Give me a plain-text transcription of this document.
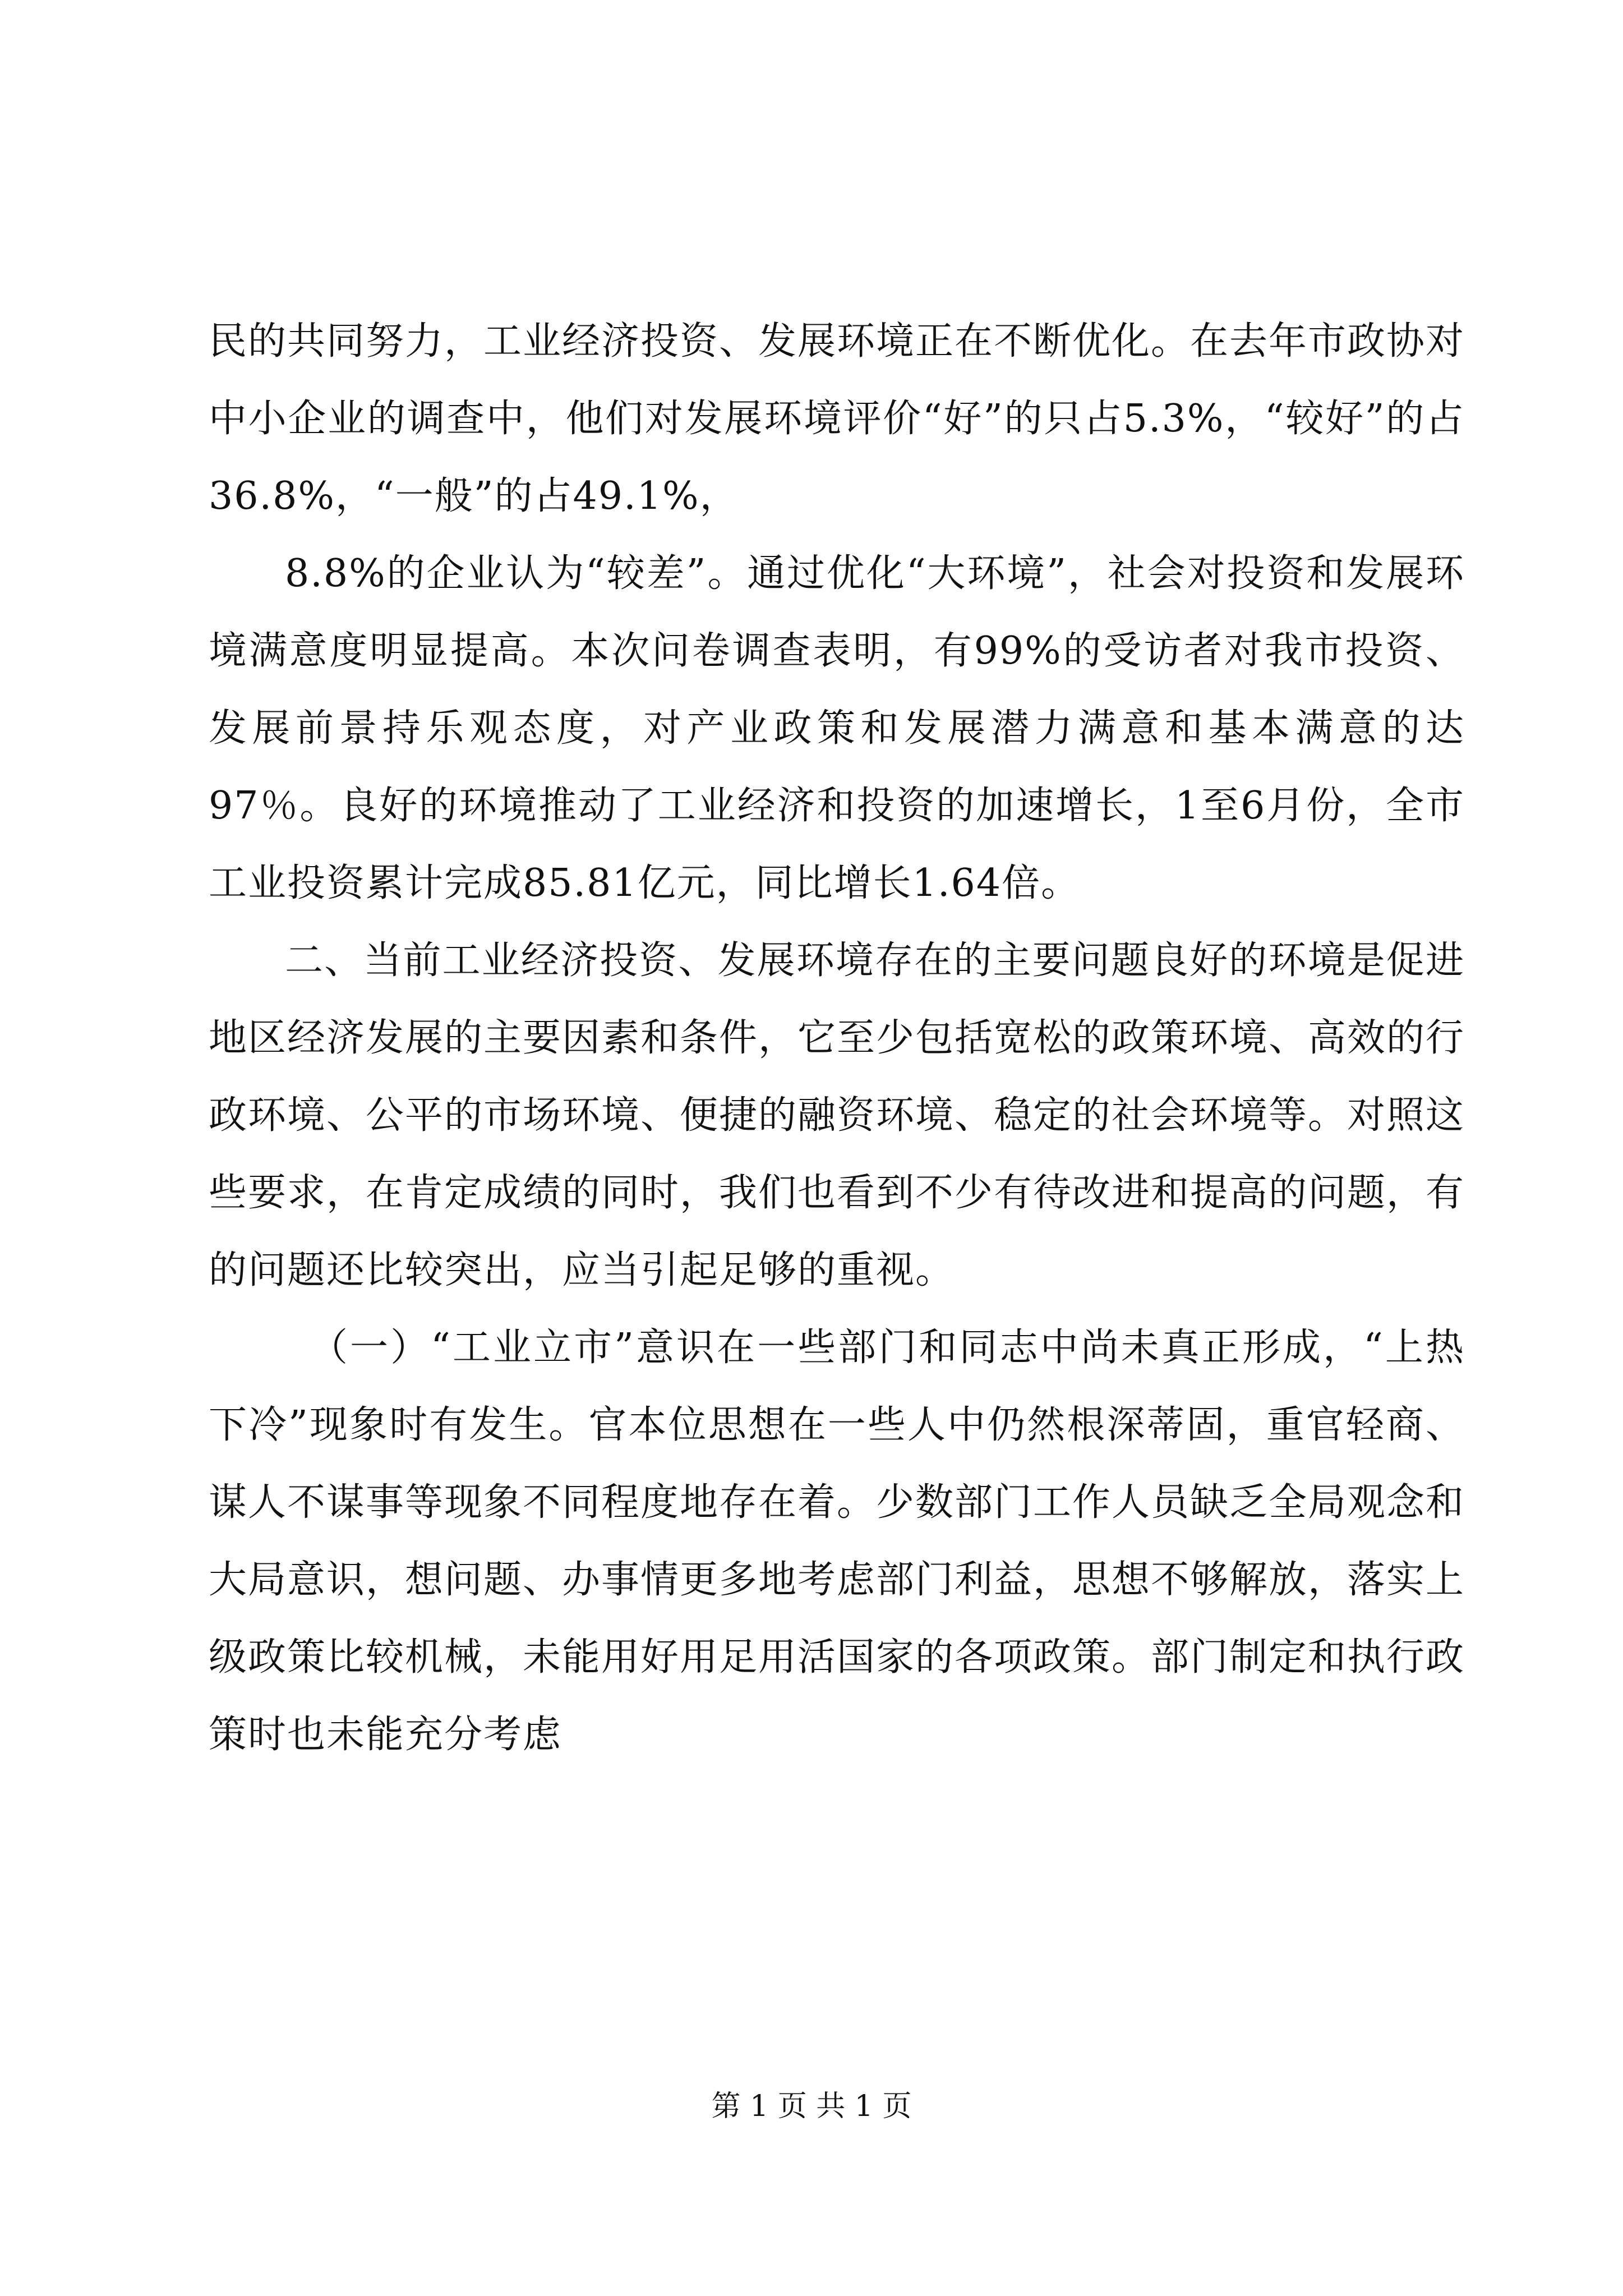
民的共同努力，工业经济投资、发展环境正在不断优化。在去年市政协对中小企业的调查中，他们对发展环境评价“好”的只占5.3%，“较好”的占36.8%，“一般”的占49.1%，

8.8%的企业认为“较差”。通过优化“大环境”，社会对投资和发展环境满意度明显提高。本次问卷调查表明，有99%的受访者对我市投资、发展前景持乐观态度，对产业政策和发展潜力满意和基本满意的达97％。良好的环境推动了工业经济和投资的加速增长，1至6月份，全市工业投资累计完成85.81亿元，同比增长1.64倍。

二、当前工业经济投资、发展环境存在的主要问题良好的环境是促进地区经济发展的主要因素和条件，它至少包括宽松的政策环境、高效的行政环境、公平的市场环境、便捷的融资环境、稳定的社会环境等。对照这些要求，在肯定成绩的同时，我们也看到不少有待改进和提高的问题，有的问题还比较突出，应当引起足够的重视。

（一）“工业立市”意识在一些部门和同志中尚未真正形成，“上热下冷”现象时有发生。官本位思想在一些人中仍然根深蒂固，重官轻商、谋人不谋事等现象不同程度地存在着。少数部门工作人员缺乏全局观念和大局意识，想问题、办事情更多地考虑部门利益，思想不够解放，落实上级政策比较机械，未能用好用足用活国家的各项政策。部门制定和执行政策时也未能充分考虑

第 1 页 共 1 页
